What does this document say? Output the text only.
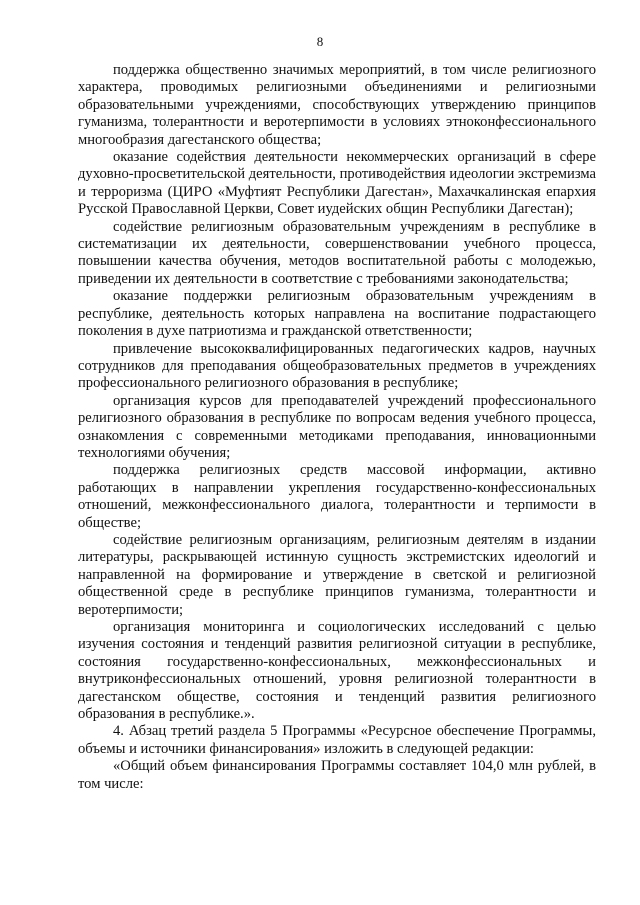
8

поддержка общественно значимых мероприятий, в том числе религиозного характера, проводимых религиозными объединениями и религиозными образовательными учреждениями, способствующих утверждению принципов гуманизма, толерантности и веротерпимости в условиях этноконфессионального многообразия дагестанского общества;

оказание содействия деятельности некоммерческих организаций в сфере духовно-просветительской деятельности, противодействия идеологии экстремизма и терроризма (ЦИРО «Муфтият Республики Дагестан», Махачкалинская епархия Русской Православной Церкви, Совет иудейских общин Республики Дагестан);

содействие религиозным образовательным учреждениям в республике в систематизации их деятельности, совершенствовании учебного процесса, повышении качества обучения, методов воспитательной работы с молодежью, приведении их деятельности в соответствие с требованиями законодательства;

оказание поддержки религиозным образовательным учреждениям в республике, деятельность которых направлена на воспитание подрастающего поколения в духе патриотизма и гражданской ответственности;

привлечение высококвалифицированных педагогических кадров, научных сотрудников для преподавания общеобразовательных предметов в учреждениях профессионального религиозного образования в республике;

организация курсов для преподавателей учреждений профессионального религиозного образования в республике по вопросам ведения учебного процесса, ознакомления с современными методиками преподавания, инновационными технологиями обучения;

поддержка религиозных средств массовой информации, активно работающих в направлении укрепления государственно-конфессиональных отношений, межконфессионального диалога, толерантности и терпимости в обществе;

содействие религиозным организациям, религиозным деятелям в издании литературы, раскрывающей истинную сущность экстремистских идеологий и направленной на формирование и утверждение в светской и религиозной общественной среде в республике принципов гуманизма, толерантности и веротерпимости;

организация мониторинга и социологических исследований с целью изучения состояния и тенденций развития религиозной ситуации в республике, состояния государственно-конфессиональных, межконфессиональных и внутриконфессиональных отношений, уровня религиозной толерантности в дагестанском обществе, состояния и тенденций развития религиозного образования в республике.».

4. Абзац третий раздела 5 Программы «Ресурсное обеспечение Программы, объемы и источники финансирования» изложить в следующей редакции:

«Общий объем финансирования Программы составляет 104,0 млн рублей, в том числе:
